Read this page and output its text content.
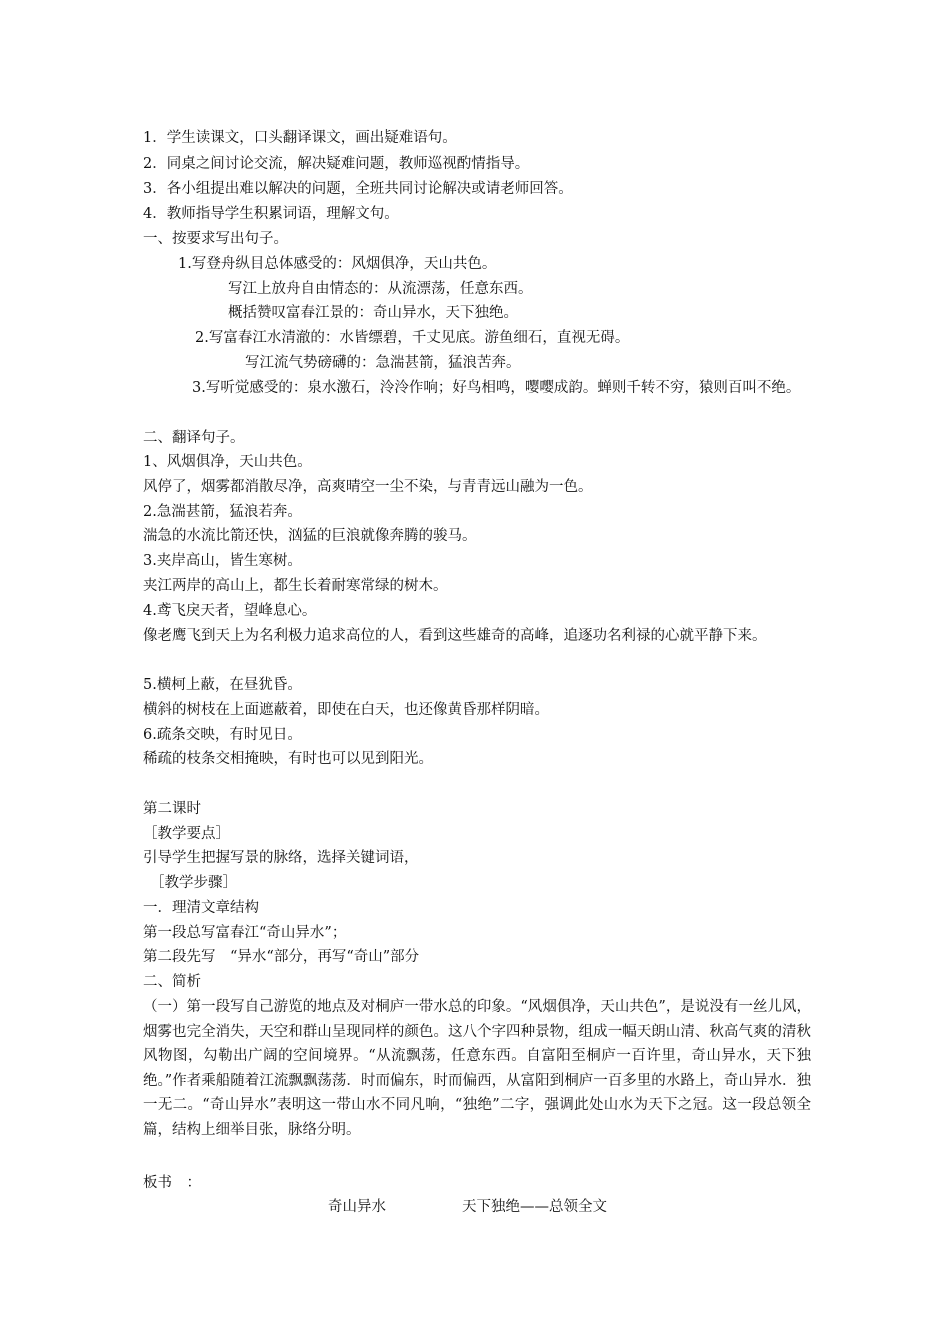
1．学生读课文，口头翻译课文，画出疑难语句。
2．同桌之间讨论交流，解决疑难问题，教师巡视酌情指导。
3．各小组提出难以解决的问题，全班共同讨论解决或请老师回答。
4．教师指导学生积累词语，理解文句。
一、按要求写出句子。
1.写登舟纵目总体感受的：风烟俱净，天山共色。
写江上放舟自由情态的：从流漂荡，任意东西。
概括赞叹富春江景的：奇山异水，天下独绝。
2.写富春江水清澈的：水皆缥碧，千丈见底。游鱼细石，直视无碍。
写江流气势磅礴的：急湍甚箭，猛浪苦奔。
3.写听觉感受的：泉水激石，泠泠作响；好鸟相鸣，嘤嘤成韵。蝉则千转不穷，猿则百叫不绝。
二、翻译句子。
1、风烟俱净，天山共色。
风停了，烟雾都消散尽净，高爽晴空一尘不染，与青青远山融为一色。
2.急湍甚箭，猛浪若奔。
湍急的水流比箭还快，汹猛的巨浪就像奔腾的骏马。
3.夹岸高山，皆生寒树。
夹江两岸的高山上，都生长着耐寒常绿的树木。
4.鸢飞戾天者，望峰息心。
像老鹰飞到天上为名利极力追求高位的人，看到这些雄奇的高峰，追逐功名利禄的心就平静下来。
5.横柯上蔽，在昼犹昏。
横斜的树枝在上面遮蔽着，即使在白天，也还像黄昏那样阴暗。
6.疏条交映，有时见日。
稀疏的枝条交相掩映，有时也可以见到阳光。
第二课时
［教学要点］
引导学生把握写景的脉络，选择关键词语，
［教学步骤］
一．理清文章结构
第一段总写富春江“奇山异水”；
第二段先写　“异水“部分，再写“奇山”部分
二、简析
（一）第一段写自己游览的地点及对桐庐一带水总的印象。“风烟俱净，天山共色”，是说没有一丝儿风，烟雾也完全消失，天空和群山呈现同样的颜色。这八个字四种景物，组成一幅天朗山清、秋高气爽的清秋风物图，勾勒出广阔的空间境界。“从流飘荡，任意东西。自富阳至桐庐一百许里，奇山异水，天下独绝。”作者乘船随着江流飘飘荡荡．时而偏东，时而偏西，从富阳到桐庐一百多里的水路上，奇山异水．独一无二。“奇山异水”表明这一带山水不同凡响，“独绝”二字，强调此处山水为天下之冠。这一段总领全篇，结构上细举目张，脉络分明。
板书　：
奇山异水	天下独绝——总领全文
